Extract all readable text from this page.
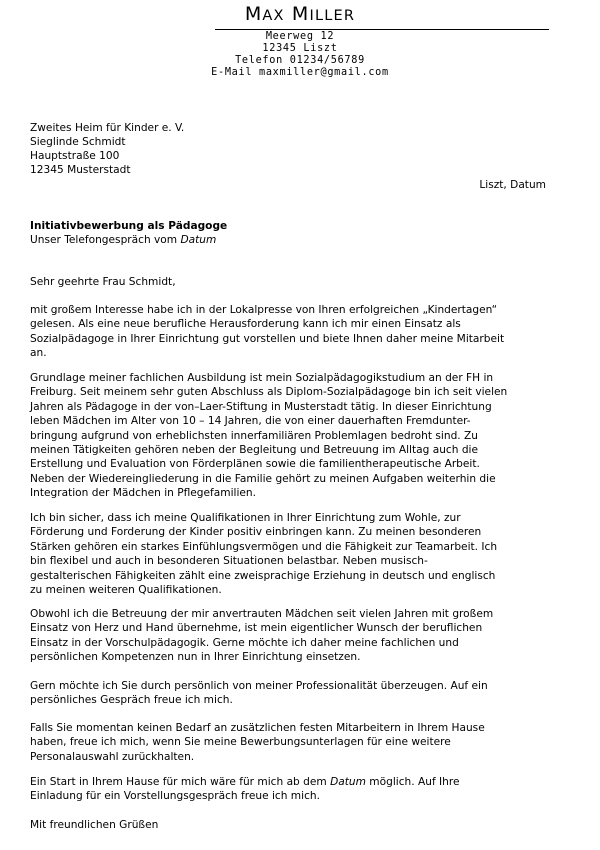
MAX MILLER
Meerweg 12
12345 Liszt
Telefon 01234/56789
E-Mail maxmiller@gmail.com
Zweites Heim für Kinder e. V.
Sieglinde Schmidt
Hauptstraße 100
12345 Musterstadt
Liszt, Datum
Initiativbewerbung als Pädagoge
Unser Telefongespräch vom Datum
Sehr geehrte Frau Schmidt,
mit großem Interesse habe ich in der Lokalpresse von Ihren erfolgreichen „Kindertagen“
gelesen. Als eine neue berufliche Herausforderung kann ich mir einen Einsatz als
Sozialpädagoge in Ihrer Einrichtung gut vorstellen und biete Ihnen daher meine Mitarbeit
an.
Grundlage meiner fachlichen Ausbildung ist mein Sozialpädagogikstudium an der FH in
Freiburg. Seit meinem sehr guten Abschluss als Diplom-Sozialpädagoge bin ich seit vielen
Jahren als Pädagoge in der von–Laer-Stiftung in Musterstadt tätig. In dieser Einrichtung
leben Mädchen im Alter von 10 – 14 Jahren, die von einer dauerhaften Fremdunter-
bringung aufgrund von erheblichsten innerfamiliären Problemlagen bedroht sind. Zu
meinen Tätigkeiten gehören neben der Begleitung und Betreuung im Alltag auch die
Erstellung und Evaluation von Förderplänen sowie die familientherapeutische Arbeit.
Neben der Wiedereingliederung in die Familie gehört zu meinen Aufgaben weiterhin die
Integration der Mädchen in Pflegefamilien.
Ich bin sicher, dass ich meine Qualifikationen in Ihrer Einrichtung zum Wohle, zur
Förderung und Forderung der Kinder positiv einbringen kann. Zu meinen besonderen
Stärken gehören ein starkes Einfühlungsvermögen und die Fähigkeit zur Teamarbeit. Ich
bin flexibel und auch in besonderen Situationen belastbar. Neben musisch-
gestalterischen Fähigkeiten zählt eine zweisprachige Erziehung in deutsch und englisch
zu meinen weiteren Qualifikationen.
Obwohl ich die Betreuung der mir anvertrauten Mädchen seit vielen Jahren mit großem
Einsatz von Herz und Hand übernehme, ist mein eigentlicher Wunsch der beruflichen
Einsatz in der Vorschulpädagogik. Gerne möchte ich daher meine fachlichen und
persönlichen Kompetenzen nun in Ihrer Einrichtung einsetzen.
Gern möchte ich Sie durch persönlich von meiner Professionalität überzeugen. Auf ein
persönliches Gespräch freue ich mich.
Falls Sie momentan keinen Bedarf an zusätzlichen festen Mitarbeitern in Ihrem Hause
haben, freue ich mich, wenn Sie meine Bewerbungsunterlagen für eine weitere
Personalauswahl zurückhalten.
Ein Start in Ihrem Hause für mich wäre für mich ab dem Datum möglich. Auf Ihre
Einladung für ein Vorstellungsgespräch freue ich mich.
Mit freundlichen Grüßen
